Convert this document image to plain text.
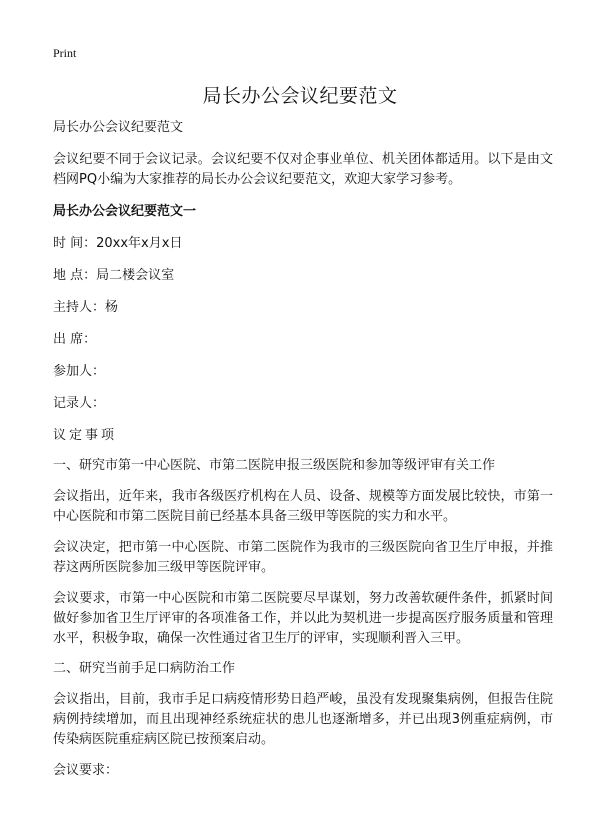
Print
局长办公会议纪要范文

局长办公会议纪要范文

会议纪要不同于会议记录。会议纪要不仅对企事业单位、机关团体都适用。以下是由文档网PQ小编为大家推荐的局长办公会议纪要范文，欢迎大家学习参考。

局长办公会议纪要范文一

时 间：20xx年x月x日

地 点：局二楼会议室

主持人：杨

出 席：

参加人：

记录人：

议定事项

一、研究市第一中心医院、市第二医院申报三级医院和参加等级评审有关工作

会议指出，近年来，我市各级医疗机构在人员、设备、规模等方面发展比较快，市第一中心医院和市第二医院目前已经基本具备三级甲等医院的实力和水平。

会议决定，把市第一中心医院、市第二医院作为我市的三级医院向省卫生厅申报，并推荐这两所医院参加三级甲等医院评审。

会议要求，市第一中心医院和市第二医院要尽早谋划，努力改善软硬件条件，抓紧时间做好参加省卫生厅评审的各项准备工作，并以此为契机进一步提高医疗服务质量和管理水平，积极争取，确保一次性通过省卫生厅的评审，实现顺利晋入三甲。

二、研究当前手足口病防治工作

会议指出，目前，我市手足口病疫情形势日趋严峻，虽没有发现聚集病例，但报告住院病例持续增加，而且出现神经系统症状的患儿也逐渐增多，并已出现3例重症病例，市传染病医院重症病区院已按预案启动。

会议要求：
